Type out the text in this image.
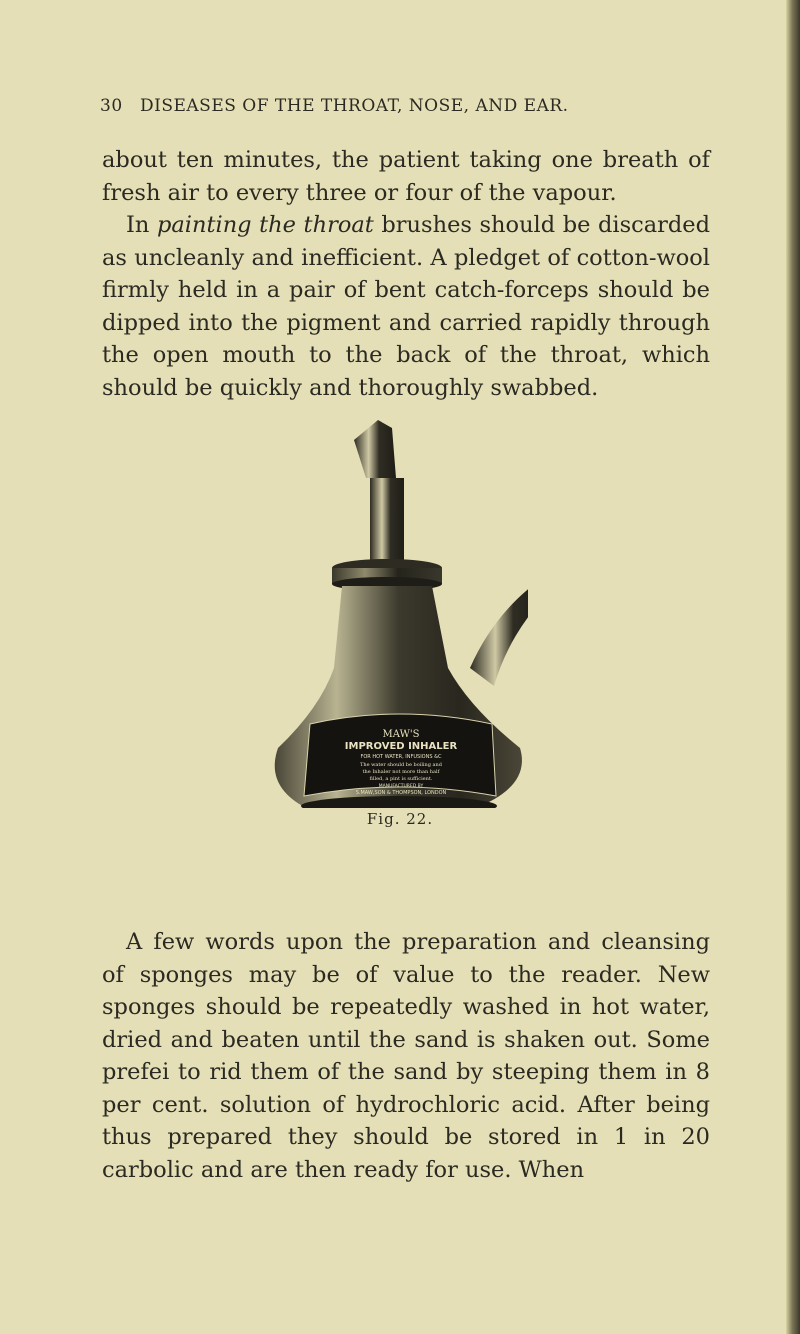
30 DISEASES OF THE THROAT, NOSE, AND EAR.

about ten minutes, the patient taking one breath of fresh air to every three or four of the vapour.
In painting the throat brushes should be discarded as uncleanly and inefficient. A pledget of cotton-wool firmly held in a pair of bent catch-forceps should be dipped into the pigment and carried rapidly through the open mouth to the back of the throat, which should be quickly and thoroughly swabbed.

MAW'S
IMPROVED INHALER
FOR HOT WATER, INFUSIONS &C
The water should be boiling and
the Inhaler not more than half
filled, a pint is sufficient.
MANUFACTURED BY
S.MAW,SON & THOMPSON, LONDON
Fig. 22.

A few words upon the preparation and cleansing of sponges may be of value to the reader. New sponges should be repeatedly washed in hot water, dried and beaten until the sand is shaken out. Some prefei to rid them of the sand by steeping them in 8 per cent. solution of hydrochloric acid. After being thus prepared they should be stored in 1 in 20 carbolic and are then ready for use. When
